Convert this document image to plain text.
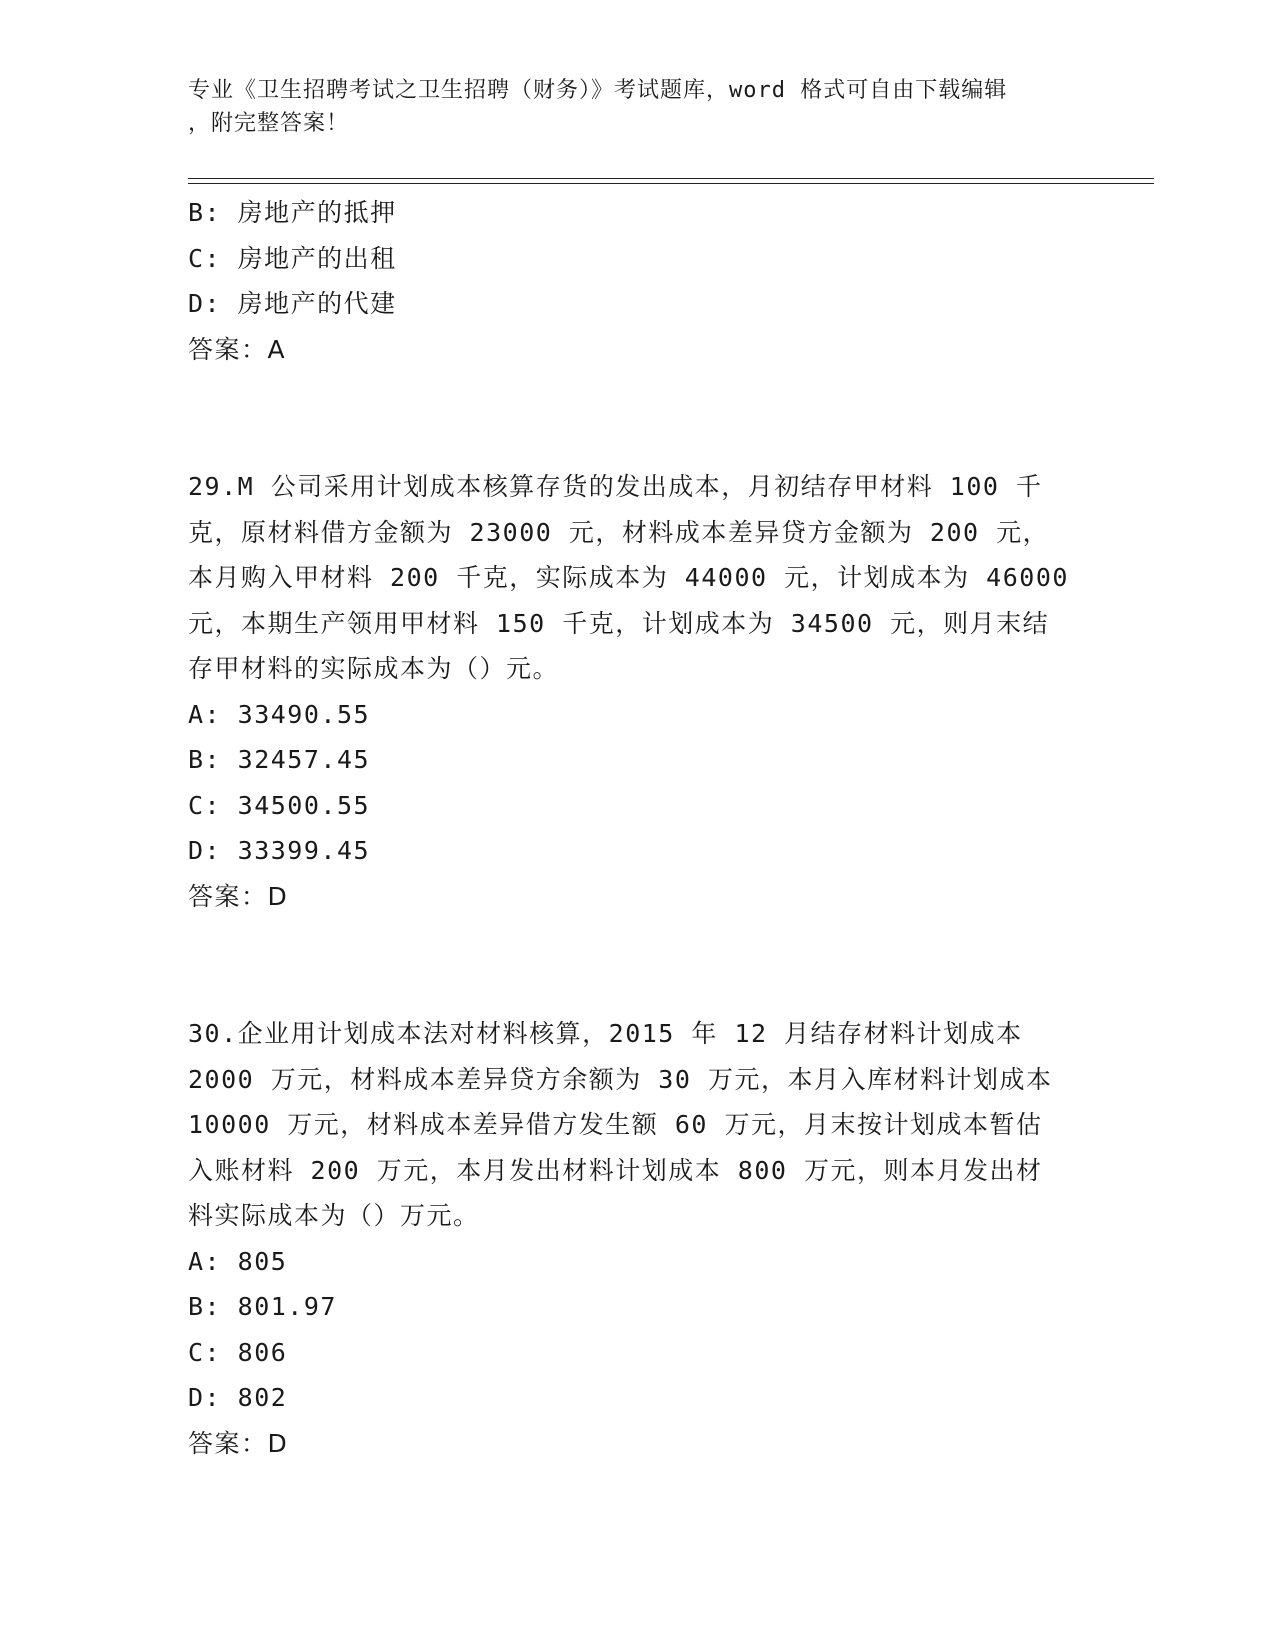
专业《卫生招聘考试之卫生招聘（财务）》考试题库，word 格式可自由下载编辑
，附完整答案！
B: 房地产的抵押
C: 房地产的出租
D: 房地产的代建
答案：A
29.M 公司采用计划成本核算存货的发出成本，月初结存甲材料 100 千
克，原材料借方金额为 23000 元，材料成本差异贷方金额为 200 元，
本月购入甲材料 200 千克，实际成本为 44000 元，计划成本为 46000
元，本期生产领用甲材料 150 千克，计划成本为 34500 元，则月末结
存甲材料的实际成本为（）元。
A: 33490.55
B: 32457.45
C: 34500.55
D: 33399.45
答案：D
30.企业用计划成本法对材料核算，2015 年 12 月结存材料计划成本
2000 万元，材料成本差异贷方余额为 30 万元，本月入库材料计划成本
10000 万元，材料成本差异借方发生额 60 万元，月末按计划成本暂估
入账材料 200 万元，本月发出材料计划成本 800 万元，则本月发出材
料实际成本为（）万元。
A: 805
B: 801.97
C: 806
D: 802
答案：D
